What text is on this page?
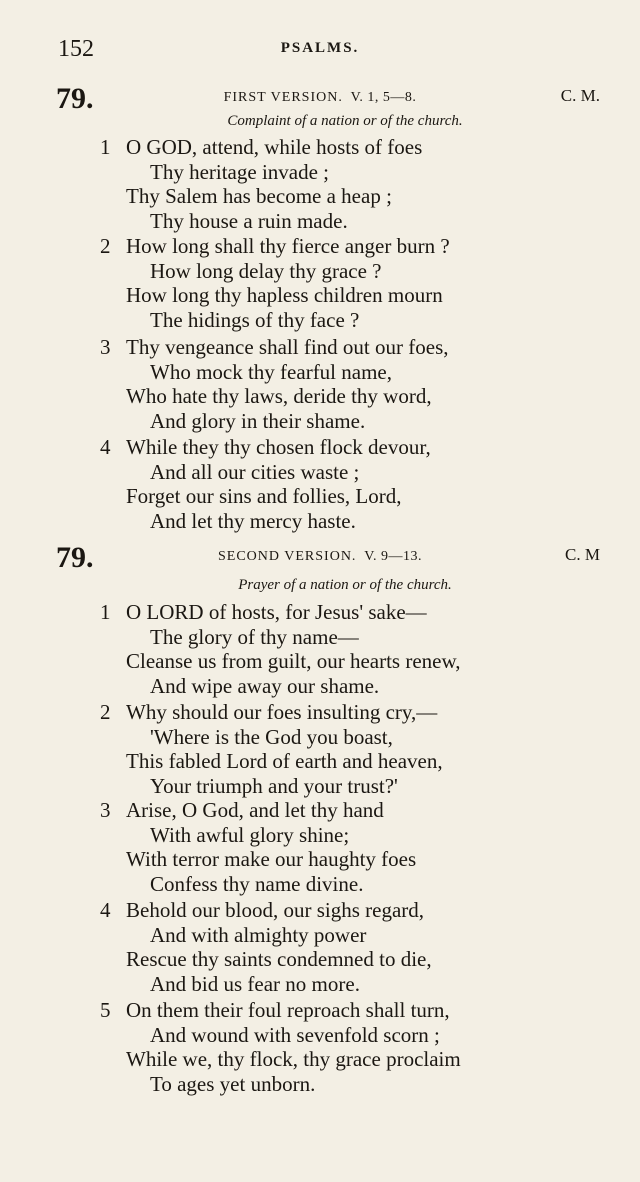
152	PSALMS.
79.	FIRST VERSION. V. 1, 5—8.	C. M.
Complaint of a nation or of the church.
1 O GOD, attend, while hosts of foes
Thy heritage invade ;
Thy Salem has become a heap ;
Thy house a ruin made.
2 How long shall thy fierce anger burn ?
How long delay thy grace ?
How long thy hapless children mourn
The hidings of thy face ?
3 Thy vengeance shall find out our foes,
Who mock thy fearful name,
Who hate thy laws, deride thy word,
And glory in their shame.
4 While they thy chosen flock devour,
And all our cities waste ;
Forget our sins and follies, Lord,
And let thy mercy haste.
79.	SECOND VERSION. V. 9—13.	C. M
Prayer of a nation or of the church.
1 O LORD of hosts, for Jesus' sake—
The glory of thy name—
Cleanse us from guilt, our hearts renew,
And wipe away our shame.
2 Why should our foes insulting cry,—
'Where is the God you boast,
This fabled Lord of earth and heaven,
Your triumph and your trust?'
3 Arise, O God, and let thy hand
With awful glory shine;
With terror make our haughty foes
Confess thy name divine.
4 Behold our blood, our sighs regard,
And with almighty power
Rescue thy saints condemned to die,
And bid us fear no more.
5 On them their foul reproach shall turn,
And wound with sevenfold scorn ;
While we, thy flock, thy grace proclaim
To ages yet unborn.
